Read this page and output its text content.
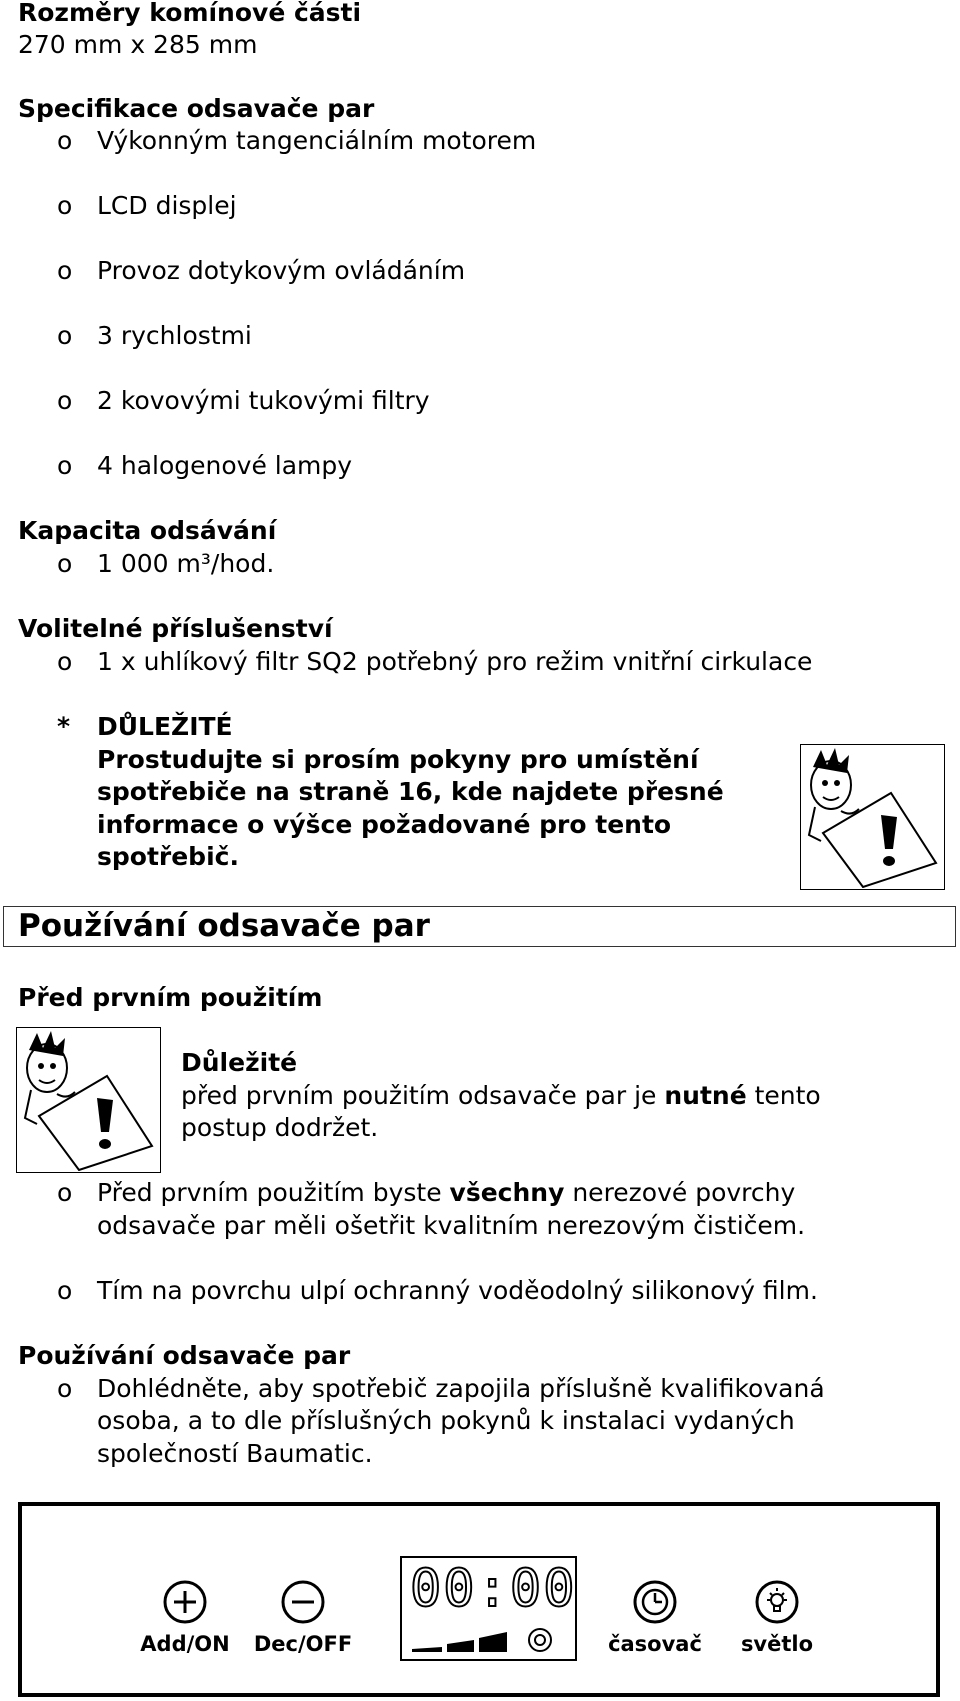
Rozměry komínové části
270 mm x 285 mm
Specifikace odsavače par
o Výkonným tangenciálním motorem
o LCD displej
o Provoz dotykovým ovládáním
o 3 rychlostmi
o 2 kovovými tukovými filtry
o 4 halogenové lampy
Kapacita odsávání
o 1 000 m³/hod.
Volitelné příslušenství
o 1 x uhlíkový filtr SQ2 potřebný pro režim vnitřní cirkulace
* DŮLEŽITÉ
Prostudujte si prosím pokyny pro umístění
spotřebiče na straně 16, kde najdete přesné
informace o výšce požadované pro tento
spotřebič.
Používání odsavače par
Před prvním použitím
Důležité
před prvním použitím odsavače par je nutné tento
postup dodržet.
o Před prvním použitím byste všechny nerezové povrchy
odsavače par měli ošetřit kvalitním nerezovým čističem.
o Tím na povrchu ulpí ochranný voděodolný silikonový film.
Používání odsavače par
o Dohlédněte, aby spotřebič zapojila příslušně kvalifikovaná
osoba, a to dle příslušných pokynů k instalaci vydaných
společností Baumatic.
Add/ON	Dec/OFF
00:00
časovač	světlo
